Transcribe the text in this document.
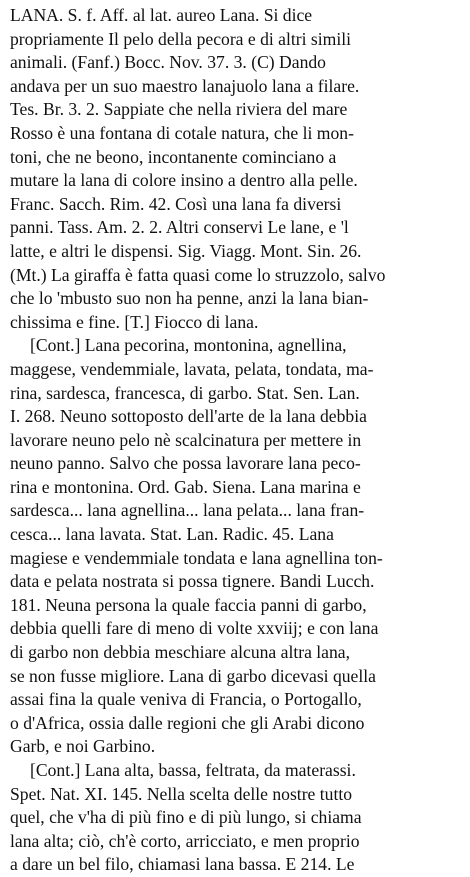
LANA. S. f. Aff. al lat. aureo Lana. Si dice
propriamente Il pelo della pecora e di altri simili
animali. (Fanf.) Bocc. Nov. 37. 3. (C) Dando
andava per un suo maestro lanajuolo lana a filare.
Tes. Br. 3. 2. Sappiate che nella riviera del mare
Rosso è una fontana di cotale natura, che li mon-
toni, che ne beono, incontanente cominciano a
mutare la lana di colore insino a dentro alla pelle.
Franc. Sacch. Rim. 42. Così una lana fa diversi
panni. Tass. Am. 2. 2. Altri conservi Le lane, e 'l
latte, e altri le dispensi. Sig. Viagg. Mont. Sin. 26.
(Mt.) La giraffa è fatta quasi come lo struzzolo, salvo
che lo 'mbusto suo non ha penne, anzi la lana bian-
chissima e fine. [T.] Fiocco di lana.
[Cont.] Lana pecorina, montonina, agnellina,
maggese, vendemmiale, lavata, pelata, tondata, ma-
rina, sardesca, francesca, di garbo. Stat. Sen. Lan.
I. 268. Neuno sottoposto dell'arte de la lana debbia
lavorare neuno pelo nè scalcinatura per mettere in
neuno panno. Salvo che possa lavorare lana peco-
rina e montonina. Ord. Gab. Siena. Lana marina e
sardesca... lana agnellina... lana pelata... lana fran-
cesca... lana lavata. Stat. Lan. Radic. 45. Lana
magiese e vendemmiale tondata e lana agnellina ton-
data e pelata nostrata si possa tignere. Bandi Lucch.
181. Neuna persona la quale faccia panni di garbo,
debbia quelli fare di meno di volte xxviij; e con lana
di garbo non debbia meschiare alcuna altra lana,
se non fusse migliore. Lana di garbo dicevasi quella
assai fina la quale veniva di Francia, o Portogallo,
o d'Africa, ossia dalle regioni che gli Arabi dicono
Garb, e noi Garbino.
[Cont.] Lana alta, bassa, feltrata, da materassi.
Spet. Nat. XI. 145. Nella scelta delle nostre tutto
quel, che v'ha di più fino e di più lungo, si chiama
lana alta; ciò, ch'è corto, arricciato, e men proprio
a dare un bel filo, chiamasi lana bassa. E 214. Le
